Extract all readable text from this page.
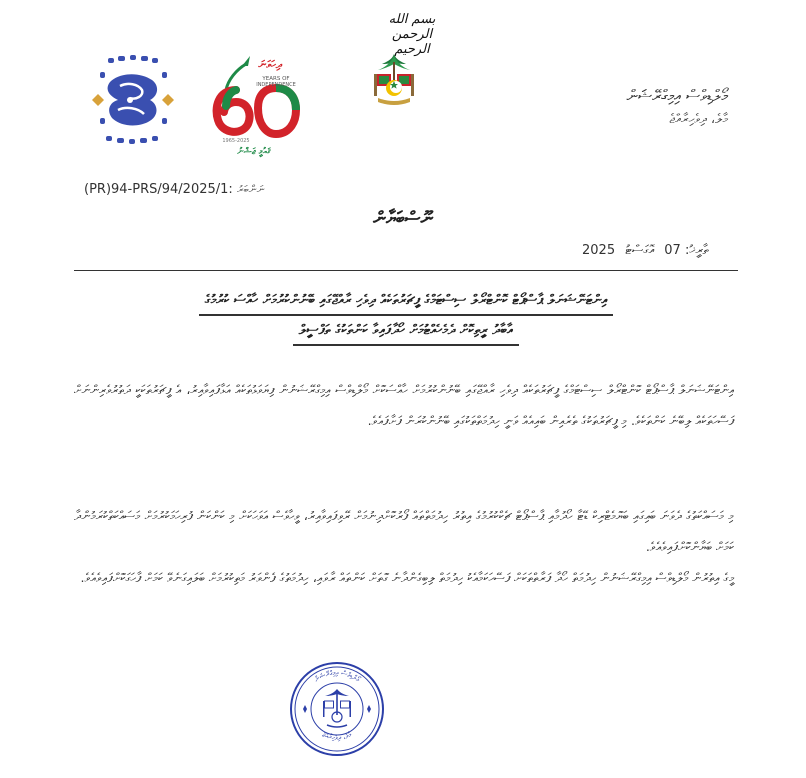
بسم الله الرحمن الرحيم
ދިހަވަނަ
YEARS OF
INDEPENDENCE
1965-2025
ޤައުމީ ޖަޝްނު
މޯލްޑިވްސް އިމިގްރޭޝަން
މާލެ، ދިވެހިރާއްޖެ
(PR)94-PRS/94/2025/1: ނަންބަރު
ނޫސްބަޔާން
2025 އޮގަސްޓު 07 ތާރީޚު:
އިންޓަނޭޝަނަލް ޕާސްޕޯޓް ކޮންޓްރޯލް ސިސްޓަމްގެ ފީޗަރުތަކެއް ދިވެހި ރާއްޖޭގައި ބޭނުންކުރުމަށް ހާއްސަ ކުރުމުގެ
އާބާދު ރީތިކޮށް ދެމެހެއްޓުމަށް ހޯދާފައިވާ ކަންތަކުގެ ތަފްސީލް
އިންޓަނޭޝަނަލް ޕާސްޕޯޓް ކޮންޓްރޯލް ސިސްޓަމްގެ ފީޗަރުތަކެއް ދިވެހި ރާއްޖޭގައި ބޭނުންކުރުމަށް ހާއްސަކޮށް މޯލްޑިވްސް އިމިގްރޭޝަނުން ފިޔަވަޅުތަކެއް އަޅާފައިވާއިރު، އެ ފީޗަރުތަކަކީ ދަތުރުވެރިންނަށް ފަސޭހަތަކެއް ލިބޭނެ ކަންތަކެވެ. މި ފީޗަރުތަކުގެ ތެރެއިން ބައިއެއް ވަނީ ހިދުމަތްތަކުގައި ބޭނުންކުރަން ފަށާފައެވެ.
މި މަސައްކަތުގެ ދެވަނަ ބައިގައި ބަޔޮމެޓްރިކް ޑޭޓާ ހޯދުމާއި ޕާސްޕޯޓް ޗެކްކުރުމުގެ އިތުރު ހިދުމަތްތައް ފޯރުކޮށްދިނުމަށް ރޭވިފައިވާއިރު، ވީހާވެސް އަވަހަކަށް މި ކަންކަން ފުރިހަމަކުރުމަށް މަސައްކަތްކުރަމުންދާ ކަމަށް ބަޔާންކޮށްފައިވެއެވެ.
މީގެ އިތުރުން މޯލްޑިވްސް އިމިގްރޭޝަނުން ހިދުމަތް ހޯދާ ފަރާތްތަކަށް ފަސޭހަކަމާއެކު ހިދުމަތް ލިބިގެންދާނެ ގޮތަށް ކަންތައް ރާވައި، ހިދުމަތުގެ ފެންވަރު މަތިކުރުމަށް ބަލައިގަނެވޭ ކަމަށް ފާހަގަކޮށްފައިވެއެވެ.
މޯލްޑިވްސް އިމިގްރޭޝަން
މާލެ، ދިވެހިރާއްޖެ
